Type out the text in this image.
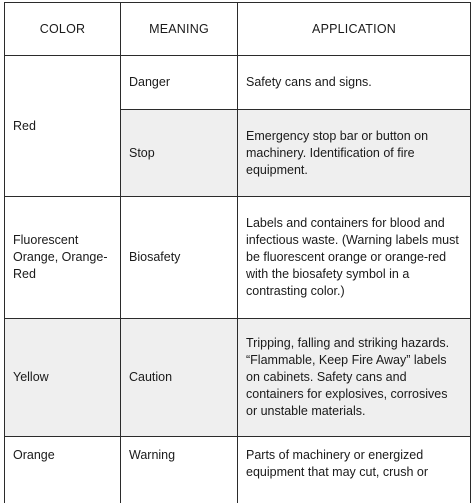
COLOR	MEANING	APPLICATION
Red	Danger	Safety cans and signs.
	Stop	Emergency stop bar or button on machinery. Identification of fire equipment.
Fluorescent Orange, Orange-Red	Biosafety	Labels and containers for blood and infectious waste. (Warning labels must be fluorescent orange or orange-red with the biosafety symbol in a contrasting color.)
Yellow	Caution	Tripping, falling and striking hazards. “Flammable, Keep Fire Away” labels on cabinets. Safety cans and containers for explosives, corrosives or unstable materials.
Orange	Warning	Parts of machinery or energized equipment that may cut, crush or
